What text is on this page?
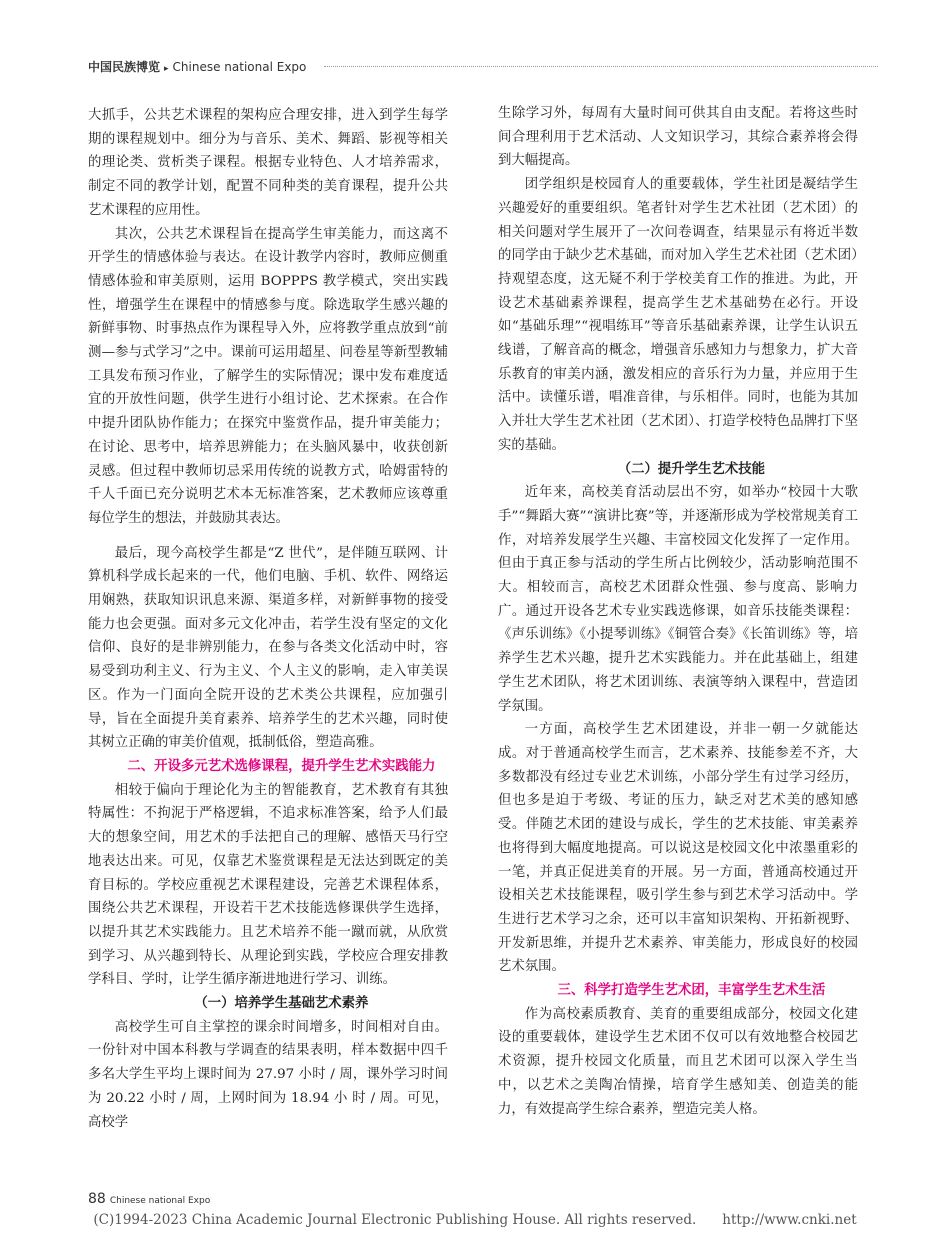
中国民族博览 ▸ Chinese national Expo

大抓手，公共艺术课程的架构应合理安排，进入到学生每学期的课程规划中。细分为与音乐、美术、舞蹈、影视等相关的理论类、赏析类子课程。根据专业特色、人才培养需求，制定不同的教学计划，配置不同种类的美育课程，提升公共艺术课程的应用性。

其次，公共艺术课程旨在提高学生审美能力，而这离不开学生的情感体验与表达。在设计教学内容时，教师应侧重情感体验和审美原则，运用 BOPPPS 教学模式，突出实践性，增强学生在课程中的情感参与度。除选取学生感兴趣的新鲜事物、时事热点作为课程导入外，应将教学重点放到“前测—参与式学习”之中。课前可运用超星、问卷星等新型教辅工具发布预习作业，了解学生的实际情况；课中发布难度适宜的开放性问题，供学生进行小组讨论、艺术探索。在合作中提升团队协作能力；在探究中鉴赏作品，提升审美能力；在讨论、思考中，培养思辨能力；在头脑风暴中，收获创新灵感。但过程中教师切忌采用传统的说教方式，哈姆雷特的千人千面已充分说明艺术本无标准答案，艺术教师应该尊重每位学生的想法，并鼓励其表达。

最后，现今高校学生都是“Z 世代”，是伴随互联网、计算机科学成长起来的一代，他们电脑、手机、软件、网络运用娴熟，获取知识讯息来源、渠道多样，对新鲜事物的接受能力也会更强。面对多元文化冲击，若学生没有坚定的文化信仰、良好的是非辨别能力，在参与各类文化活动中时，容易受到功利主义、行为主义、个人主义的影响，走入审美误区。作为一门面向全院开设的艺术类公共课程，应加强引导，旨在全面提升美育素养、培养学生的艺术兴趣，同时使其树立正确的审美价值观，抵制低俗，塑造高雅。

二、开设多元艺术选修课程，提升学生艺术实践能力

相较于偏向于理论化为主的智能教育，艺术教育有其独特属性：不拘泥于严格逻辑，不追求标准答案，给予人们最大的想象空间，用艺术的手法把自己的理解、感悟天马行空地表达出来。可见，仅靠艺术鉴赏课程是无法达到既定的美育目标的。学校应重视艺术课程建设，完善艺术课程体系，围绕公共艺术课程，开设若干艺术技能选修课供学生选择，以提升其艺术实践能力。且艺术培养不能一蹴而就，从欣赏到学习、从兴趣到特长、从理论到实践，学校应合理安排教学科目、学时，让学生循序渐进地进行学习、训练。

（一）培养学生基础艺术素养

高校学生可自主掌控的课余时间增多，时间相对自由。一份针对中国本科教与学调查的结果表明，样本数据中四千多名大学生平均上课时间为 27.97 小时 / 周，课外学习时间为 20.22 小时 / 周，上网时间为 18.94 小 时 / 周。可见，高校学

生除学习外，每周有大量时间可供其自由支配。若将这些时间合理利用于艺术活动、人文知识学习，其综合素养将会得到大幅提高。

团学组织是校园育人的重要载体，学生社团是凝结学生兴趣爱好的重要组织。笔者针对学生艺术社团（艺术团）的相关问题对学生展开了一次问卷调查，结果显示有将近半数的同学由于缺少艺术基础，而对加入学生艺术社团（艺术团）持观望态度，这无疑不利于学校美育工作的推进。为此，开设艺术基础素养课程，提高学生艺术基础势在必行。开设如“基础乐理”“视唱练耳”等音乐基础素养课，让学生认识五线谱，了解音高的概念，增强音乐感知力与想象力，扩大音乐教育的审美内涵，激发相应的音乐行为力量，并应用于生活中。读懂乐谱，唱准音律，与乐相伴。同时，也能为其加入并壮大学生艺术社团（艺术团）、打造学校特色品牌打下坚实的基础。

（二）提升学生艺术技能

近年来，高校美育活动层出不穷，如举办“校园十大歌手”“舞蹈大赛”“演讲比赛”等，并逐渐形成为学校常规美育工作，对培养发展学生兴趣、丰富校园文化发挥了一定作用。但由于真正参与活动的学生所占比例较少，活动影响范围不大。相较而言，高校艺术团群众性强、参与度高、影响力广。通过开设各艺术专业实践选修课，如音乐技能类课程：《声乐训练》《小提琴训练》《铜管合奏》《长笛训练》等，培养学生艺术兴趣，提升艺术实践能力。并在此基础上，组建学生艺术团队，将艺术团训练、表演等纳入课程中，营造团学氛围。

一方面，高校学生艺术团建设，并非一朝一夕就能达成。对于普通高校学生而言，艺术素养、技能参差不齐，大多数都没有经过专业艺术训练，小部分学生有过学习经历，但也多是迫于考级、考证的压力，缺乏对艺术美的感知感受。伴随艺术团的建设与成长，学生的艺术技能、审美素养也将得到大幅度地提高。可以说这是校园文化中浓墨重彩的一笔，并真正促进美育的开展。另一方面，普通高校通过开设相关艺术技能课程，吸引学生参与到艺术学习活动中。学生进行艺术学习之余，还可以丰富知识架构、开拓新视野、开发新思维，并提升艺术素养、审美能力，形成良好的校园艺术氛围。

三、科学打造学生艺术团，丰富学生艺术生活

作为高校素质教育、美育的重要组成部分，校园文化建设的重要载体，建设学生艺术团不仅可以有效地整合校园艺术资源，提升校园文化质量，而且艺术团可以深入学生当中，以艺术之美陶冶情操，培育学生感知美、创造美的能力，有效提高学生综合素养，塑造完美人格。

88 Chinese national Expo
(C)1994-2023 China Academic Journal Electronic Publishing House. All rights reserved. http://www.cnki.net
